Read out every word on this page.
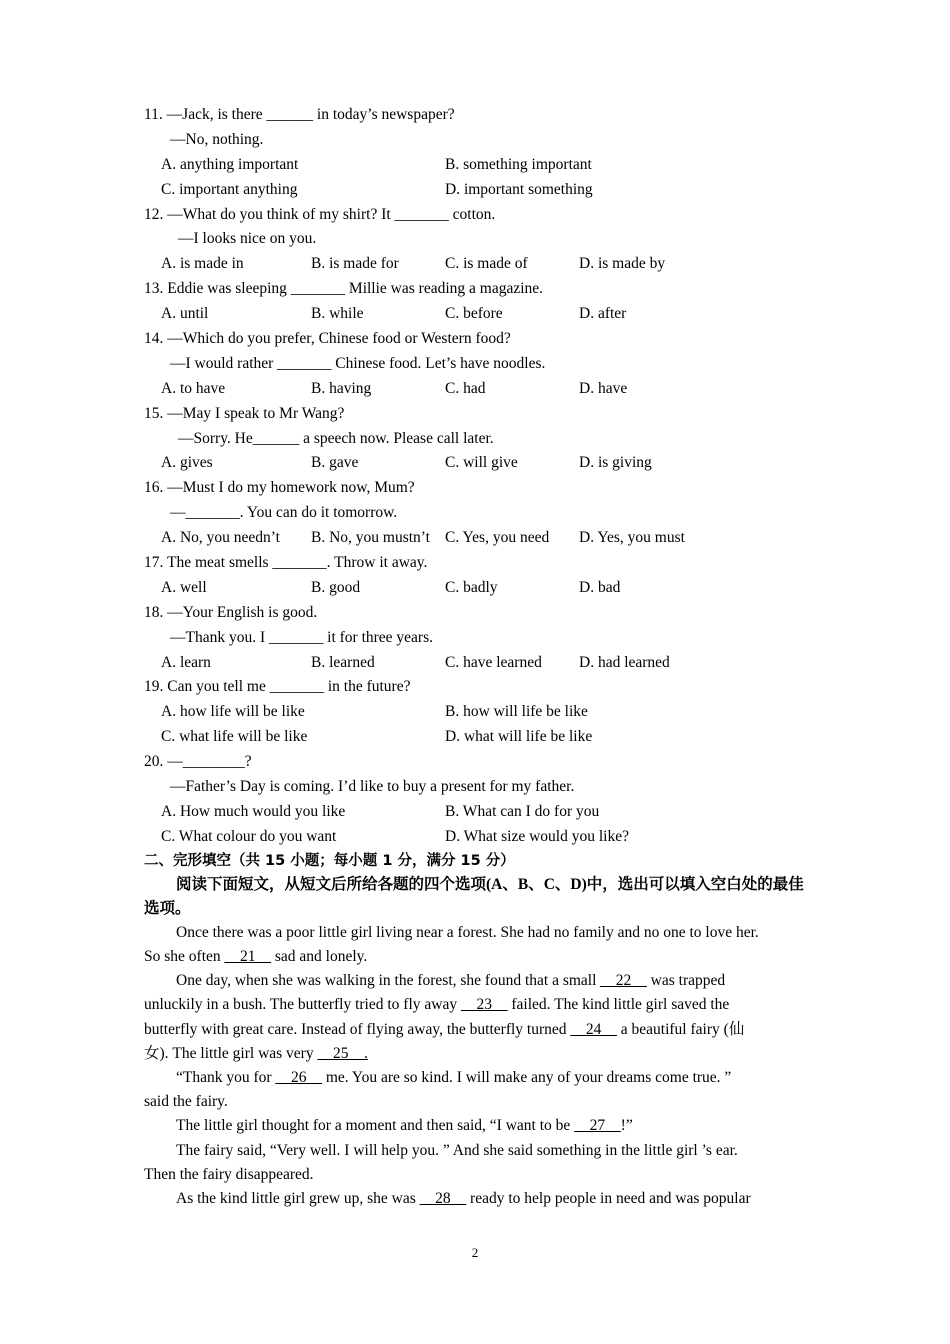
11. —Jack, is there ______ in today’s newspaper?
—No, nothing.
A. anything important	B. something important
C. important anything	D. important something
12. —What do you think of my shirt? It _______ cotton.
—I looks nice on you.
A. is made in	B. is made for	C. is made of	D. is made by
13. Eddie was sleeping _______ Millie was reading a magazine.
A. until	B. while	C. before	D. after
14. —Which do you prefer, Chinese food or Western food?
—I would rather _______ Chinese food. Let’s have noodles.
A. to have	B. having	C. had	D. have
15. —May I speak to Mr Wang?
—Sorry. He______ a speech now. Please call later.
A. gives	B. gave	C. will give	D. is giving
16. —Must I do my homework now, Mum?
—_______. You can do it tomorrow.
A. No, you needn’t B. No, you mustn’t C. Yes, you need D. Yes, you must
17. The meat smells _______. Throw it away.
A. well	B. good	C. badly	D. bad
18. —Your English is good.
—Thank you. I _______ it for three years.
A. learn	B. learned	C. have learned D. had learned
19. Can you tell me _______ in the future?
A. how life will be like	B. how will life be like
C. what life will be like	D. what will life be like
20. —________?
—Father’s Day is coming. I’d like to buy a present for my father.
A. How much would you like	B. What can I do for you
C. What colour do you want	D. What size would you like?
二、完形填空（共 15 小题；每小题 1 分，满分 15 分）
阅读下面短文，从短文后所给各题的四个选项(A、B、C、D)中，选出可以填入空白处的最佳选项。
Once there was a poor little girl living near a forest. She had no family and no one to love her.
So she often __21__ sad and lonely.
One day, when she was walking in the forest, she found that a small __22__ was trapped
unluckily in a bush. The butterfly tried to fly away __23__ failed. The kind little girl saved the
butterfly with great care. Instead of flying away, the butterfly turned __24__ a beautiful fairy (仙
女). The little girl was very __25__.
“Thank you for __26__ me. You are so kind. I will make any of your dreams come true. ”
said the fairy.
The little girl thought for a moment and then said, “I want to be __27__!”
The fairy said, “Very well. I will help you. ” And she said something in the little girl ’s ear.
Then the fairy disappeared.
As the kind little girl grew up, she was __28__ ready to help people in need and was popular
2
